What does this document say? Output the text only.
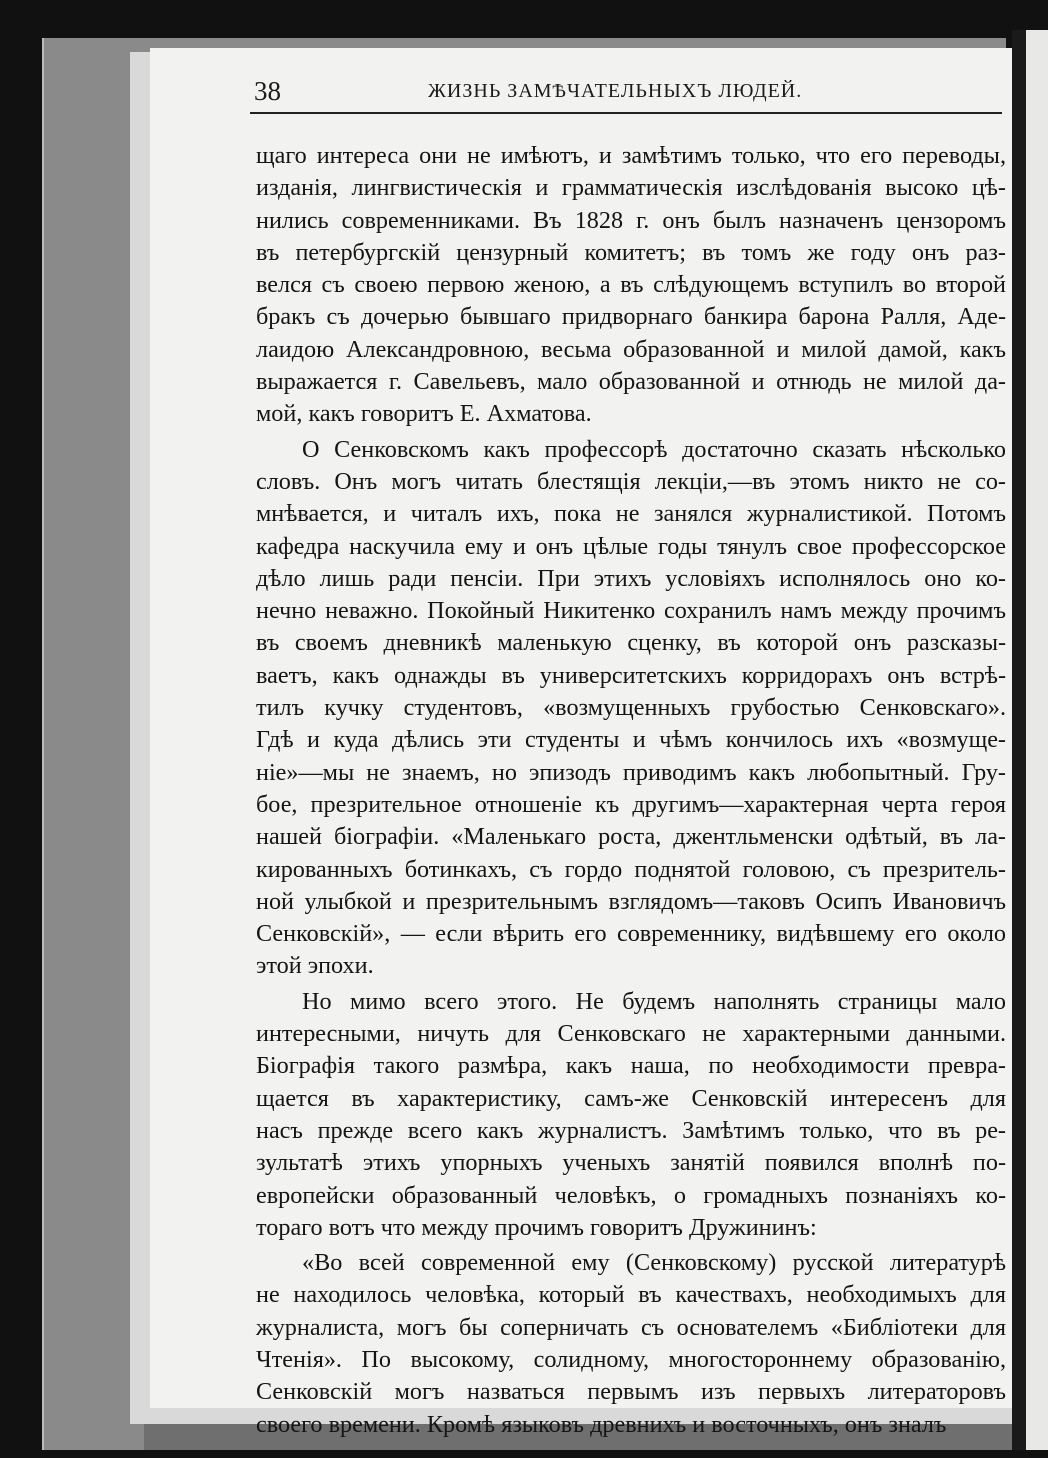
38	ЖИЗНЬ ЗАМѢЧАТЕЛЬНЫХЪ ЛЮДЕЙ.
щаго интереса они не имѣютъ, и замѣтимъ только, что его переводы,
изданія, лингвистическія и грамматическія изслѣдованія высоко цѣ-
нились современниками. Въ 1828 г. онъ былъ назначенъ цензоромъ
въ петербургскій цензурный комитетъ; въ томъ же году онъ раз-
велся съ своею первою женою, а въ слѣдующемъ вступилъ во второй
бракъ съ дочерью бывшаго придворнаго банкира барона Ралля, Аде-
лаидою Александровною, весьма образованной и милой дамой, какъ
выражается г. Савельевъ, мало образованной и отнюдь не милой да-
мой, какъ говоритъ Е. Ахматова.
О Сенковскомъ какъ профессорѣ достаточно сказать нѣсколько
словъ. Онъ могъ читать блестящія лекціи,—въ этомъ никто не со-
мнѣвается, и читалъ ихъ, пока не занялся журналистикой. Потомъ
кафедра наскучила ему и онъ цѣлые годы тянулъ свое профессорское
дѣло лишь ради пенсіи. При этихъ условіяхъ исполнялось оно ко-
нечно неважно. Покойный Никитенко сохранилъ намъ между прочимъ
въ своемъ дневникѣ маленькую сценку, въ которой онъ разсказы-
ваетъ, какъ однажды въ университетскихъ корридорахъ онъ встрѣ-
тилъ кучку студентовъ, «возмущенныхъ грубостью Сенковскаго».
Гдѣ и куда дѣлись эти студенты и чѣмъ кончилось ихъ «возмуще-
ніе»—мы не знаемъ, но эпизодъ приводимъ какъ любопытный. Гру-
бое, презрительное отношеніе къ другимъ—характерная черта героя
нашей біографіи. «Маленькаго роста, джентльменски одѣтый, въ ла-
кированныхъ ботинкахъ, съ гордо поднятой головою, съ презритель-
ной улыбкой и презрительнымъ взглядомъ—таковъ Осипъ Ивановичъ
Сенковскій», — если вѣрить его современнику, видѣвшему его около
этой эпохи.
Но мимо всего этого. Не будемъ наполнять страницы мало
интересными, ничуть для Сенковскаго не характерными данными.
Біографія такого размѣра, какъ наша, по необходимости превра-
щается въ характеристику, самъ-же Сенковскій интересенъ для
насъ прежде всего какъ журналистъ. Замѣтимъ только, что въ ре-
зультатѣ этихъ упорныхъ ученыхъ занятій появился вполнѣ по-
европейски образованный человѣкъ, о громадныхъ познаніяхъ ко-
тораго вотъ что между прочимъ говоритъ Дружининъ:
«Во всей современной ему (Сенковскому) русской литературѣ
не находилось человѣка, который въ качествахъ, необходимыхъ для
журналиста, могъ бы соперничать съ основателемъ «Библіотеки для
Чтенія». По высокому, солидному, многостороннему образованію,
Сенковскій могъ назваться первымъ изъ первыхъ литераторовъ
своего времени. Кромѣ языковъ древнихъ и восточныхъ, онъ зналъ
